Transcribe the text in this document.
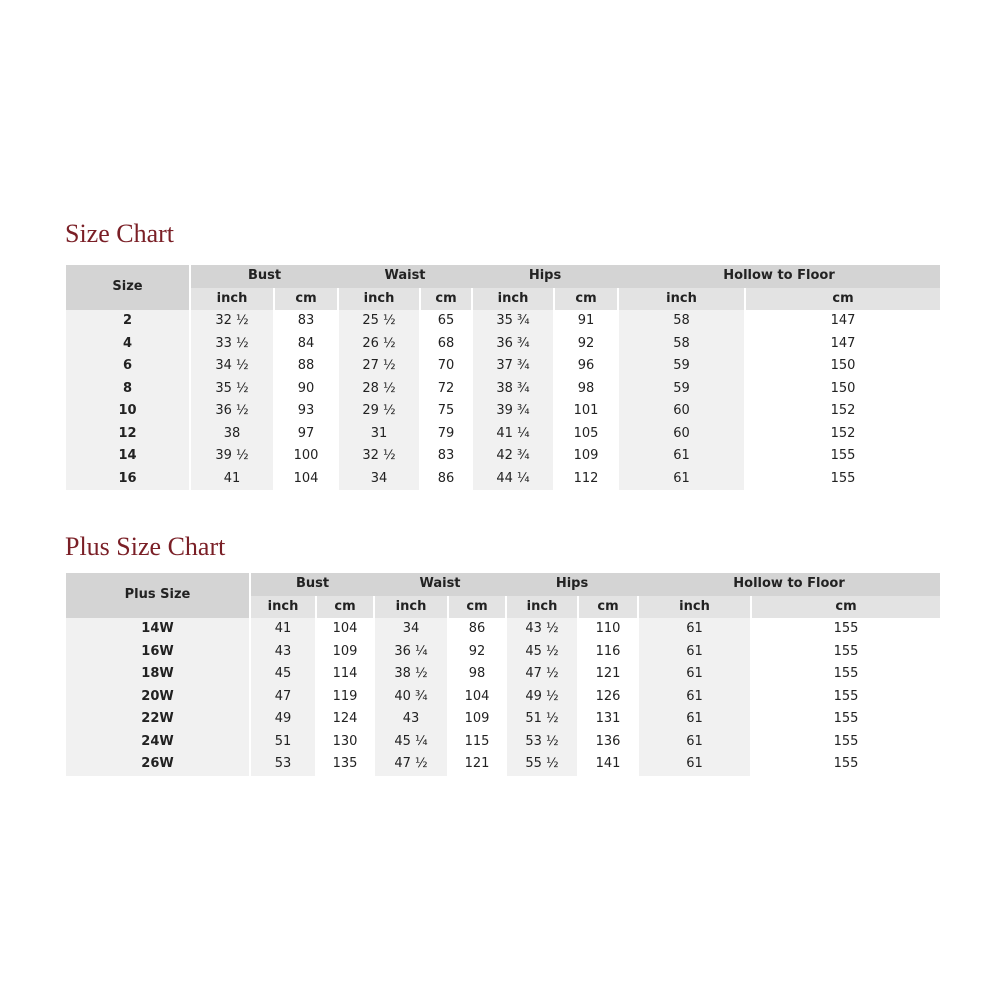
Size Chart
Size	Bust		Waist		Hips		Hollow to Floor	
	inch	cm	inch	cm	inch	cm	inch	cm
2	32 ½	83	25 ½	65	35 ¾	91	58	147
4	33 ½	84	26 ½	68	36 ¾	92	58	147
6	34 ½	88	27 ½	70	37 ¾	96	59	150
8	35 ½	90	28 ½	72	38 ¾	98	59	150
10	36 ½	93	29 ½	75	39 ¾	101	60	152
12	38	97	31	79	41 ¼	105	60	152
14	39 ½	100	32 ½	83	42 ¾	109	61	155
16	41	104	34	86	44 ¼	112	61	155
Plus Size Chart
Plus Size	Bust		Waist		Hips		Hollow to Floor	
	inch	cm	inch	cm	inch	cm	inch	cm
14W	41	104	34	86	43 ½	110	61	155
16W	43	109	36 ¼	92	45 ½	116	61	155
18W	45	114	38 ½	98	47 ½	121	61	155
20W	47	119	40 ¾	104	49 ½	126	61	155
22W	49	124	43	109	51 ½	131	61	155
24W	51	130	45 ¼	115	53 ½	136	61	155
26W	53	135	47 ½	121	55 ½	141	61	155
